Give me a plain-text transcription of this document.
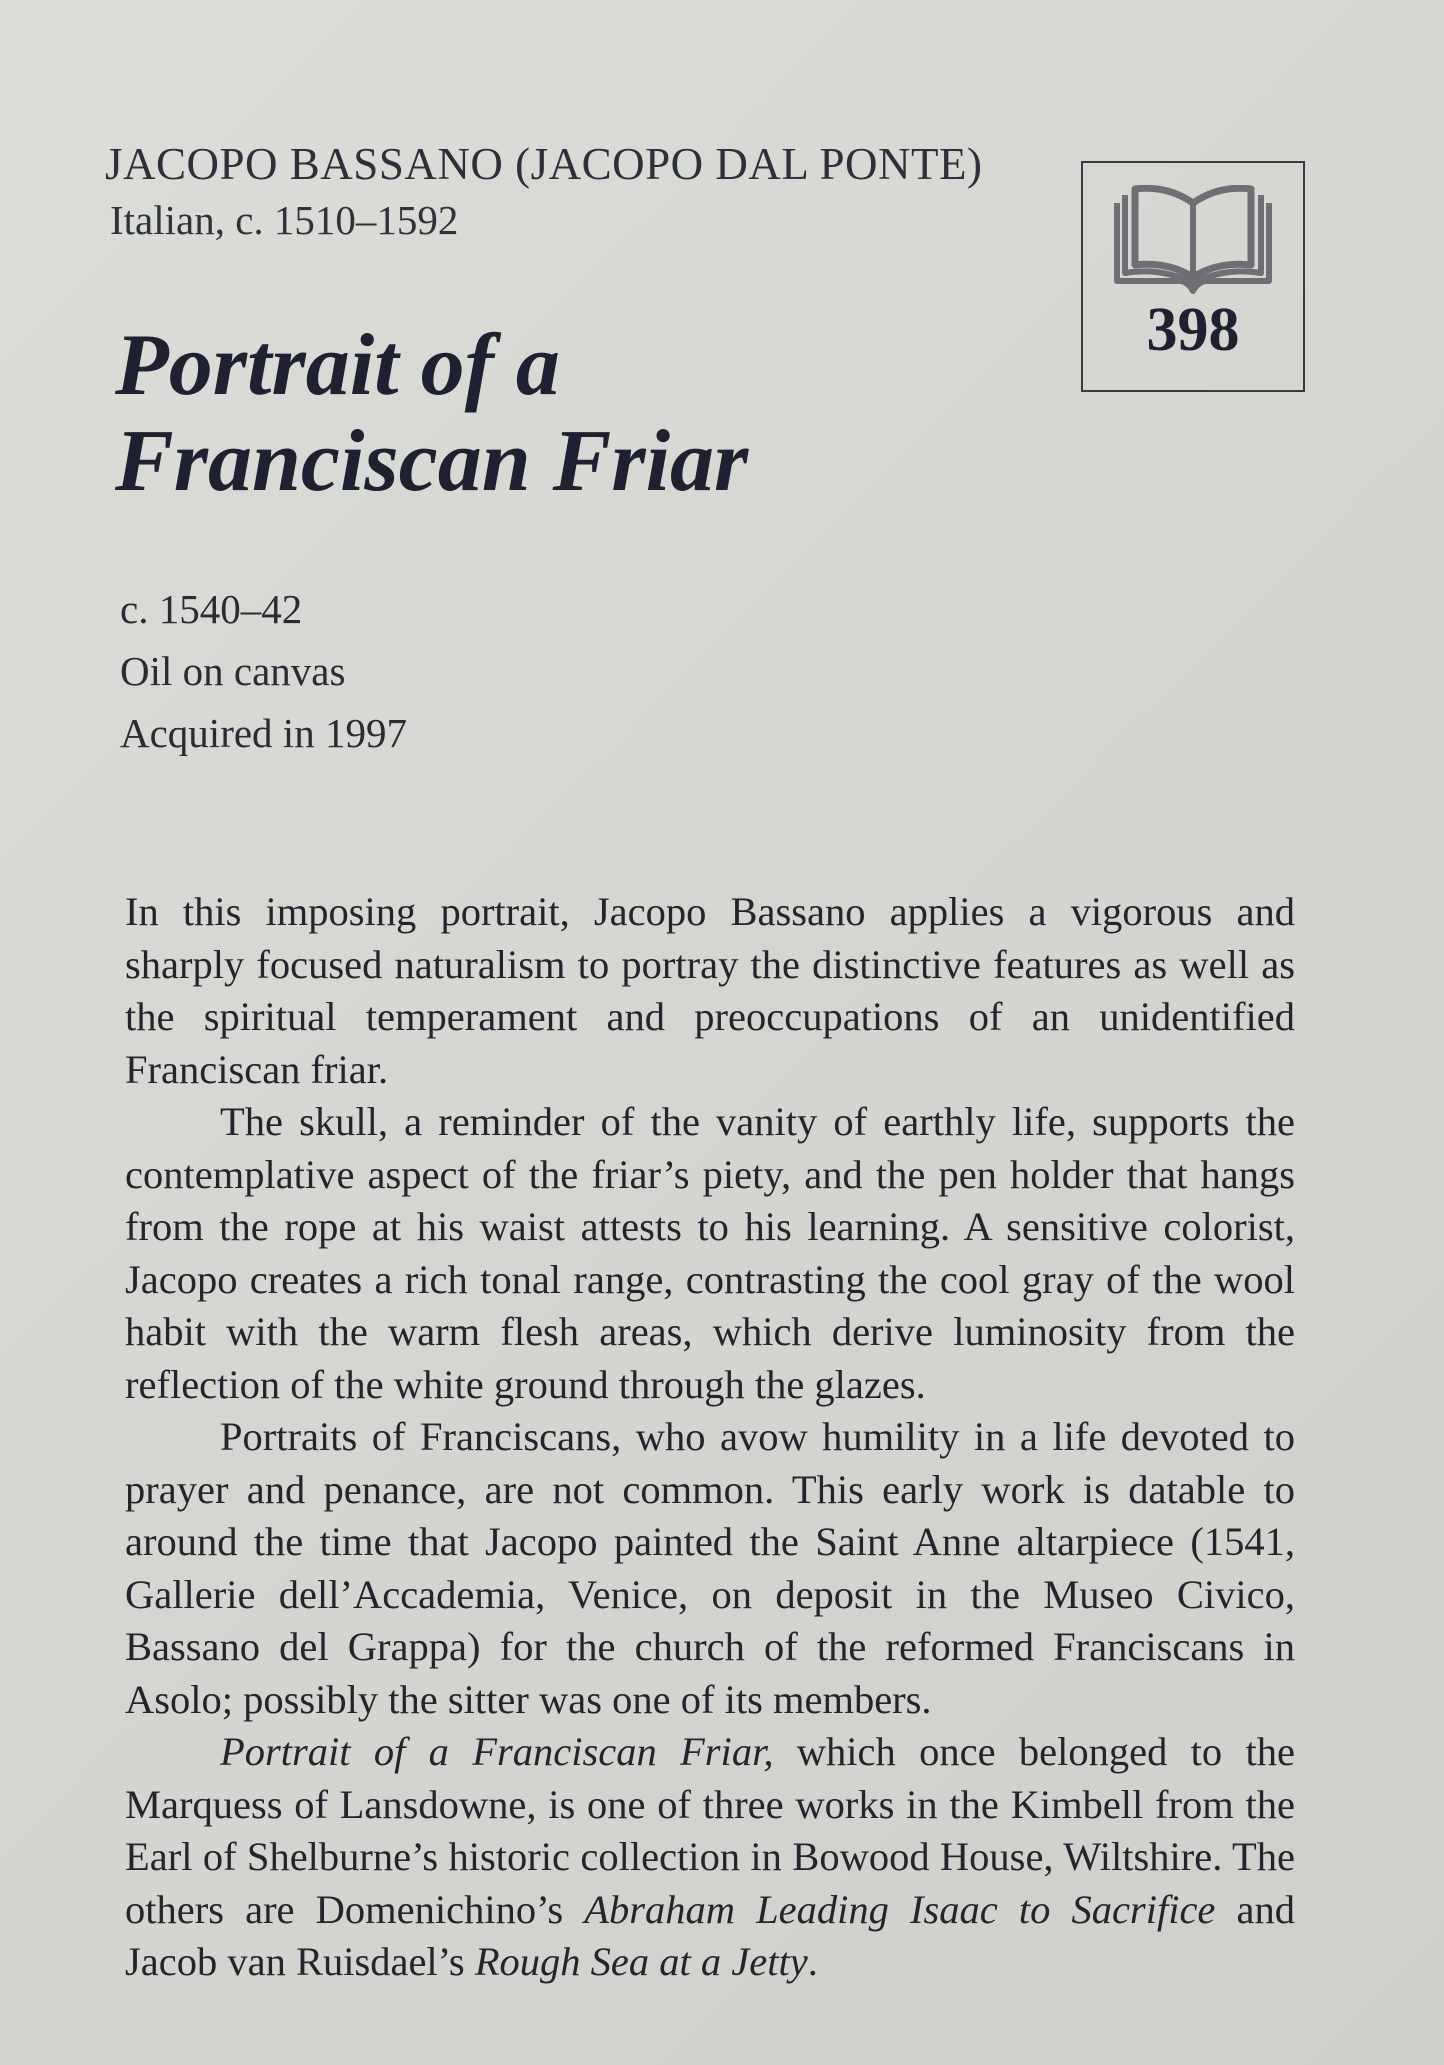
JACOPO BASSANO (JACOPO DAL PONTE)
Italian, c. 1510–1592
Portrait of a
Franciscan Friar
398
c. 1540–42
Oil on canvas
Acquired in 1997

In this imposing portrait, Jacopo Bassano applies a vigorous and sharply focused naturalism to portray the distinctive features as well as the spiritual temperament and preoccupations of an unidentified Franciscan friar.

The skull, a reminder of the vanity of earthly life, supports the contemplative aspect of the friar’s piety, and the pen holder that hangs from the rope at his waist attests to his learning. A sensitive colorist, Jacopo creates a rich tonal range, contrasting the cool gray of the wool habit with the warm flesh areas, which derive luminosity from the reflection of the white ground through the glazes.

Portraits of Franciscans, who avow humility in a life devoted to prayer and penance, are not common. This early work is datable to around the time that Jacopo painted the Saint Anne altarpiece (1541, Gallerie dell’Accademia, Venice, on deposit in the Museo Civico, Bassano del Grappa) for the church of the reformed Franciscans in Asolo; possibly the sitter was one of its members.

Portrait of a Franciscan Friar, which once belonged to the Marquess of Lansdowne, is one of three works in the Kimbell from the Earl of Shelburne’s historic collection in Bowood House, Wiltshire. The others are Domenichino’s Abraham Leading Isaac to Sacrifice and Jacob van Ruisdael’s Rough Sea at a Jetty.
